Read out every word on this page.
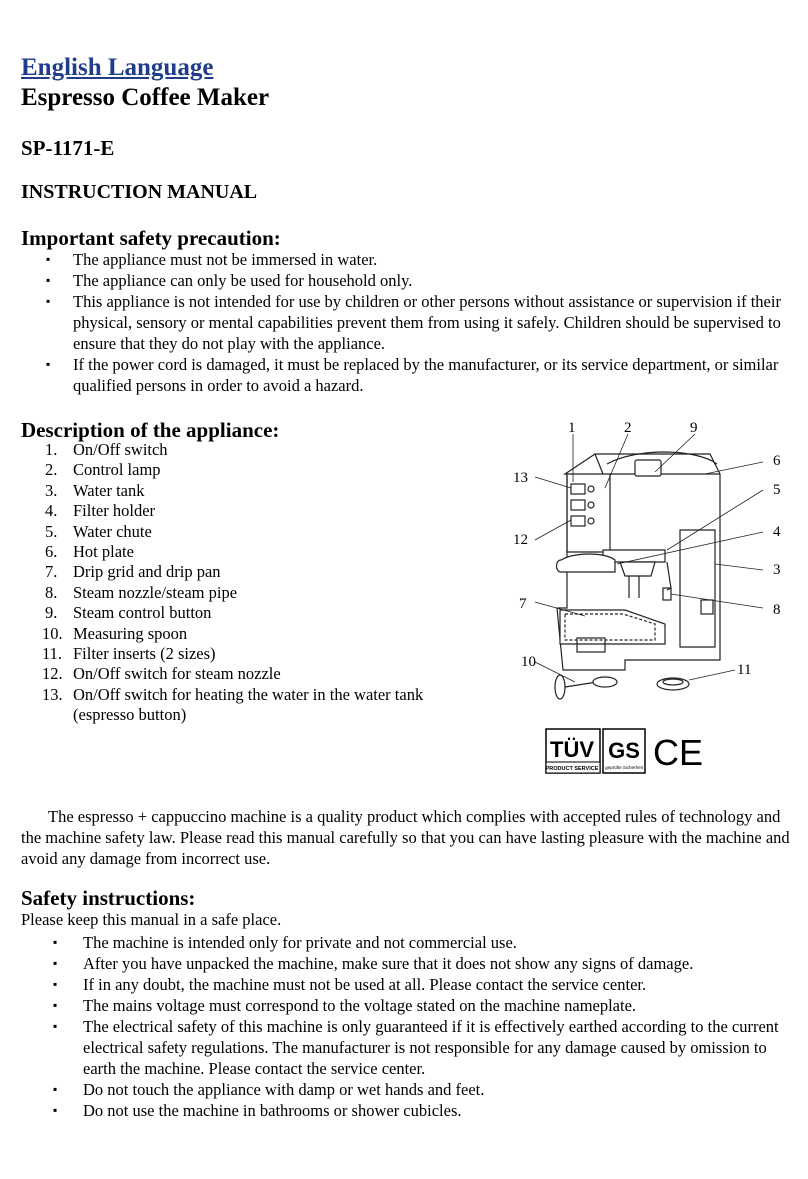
English Language
Espresso Coffee Maker
SP-1171-E
INSTRUCTION MANUAL
Important safety precaution:
▪ The appliance must not be immersed in water.
▪ The appliance can only be used for household only.
▪ This appliance is not intended for use by children or other persons without assistance or supervision if their physical, sensory or mental capabilities prevent them from using it safely. Children should be supervised to ensure that they do not play with the appliance.
▪ If the power cord is damaged, it must be replaced by the manufacturer, or its service department, or similar qualified persons in order to avoid a hazard.
Description of the appliance:
1. On/Off switch
2. Control lamp
3. Water tank
4. Filter holder
5. Water chute
6. Hot plate
7. Drip grid and drip pan
8. Steam nozzle/steam pipe
9. Steam control button
10. Measuring spoon
11. Filter inserts (2 sizes)
12. On/Off switch for steam nozzle
13. On/Off switch for heating the water in the water tank (espresso button)
1	2	9
6
13
5
12	4
3
7	8
10	11
TÜV
PRODUCT SERVICE
GS
geprüfte Sicherheit CE
The espresso + cappuccino machine is a quality product which complies with accepted rules of technology and the machine safety law. Please read this manual carefully so that you can have lasting pleasure with the machine and avoid any damage from incorrect use.
Safety instructions:
Please keep this manual in a safe place.
▪ The machine is intended only for private and not commercial use.
▪ After you have unpacked the machine, make sure that it does not show any signs of damage.
▪ If in any doubt, the machine must not be used at all. Please contact the service center.
▪ The mains voltage must correspond to the voltage stated on the machine nameplate.
▪ The electrical safety of this machine is only guaranteed if it is effectively earthed according to the current electrical safety regulations. The manufacturer is not responsible for any damage caused by omission to earth the machine. Please contact the service center.
▪ Do not touch the appliance with damp or wet hands and feet.
▪ Do not use the machine in bathrooms or shower cubicles.
